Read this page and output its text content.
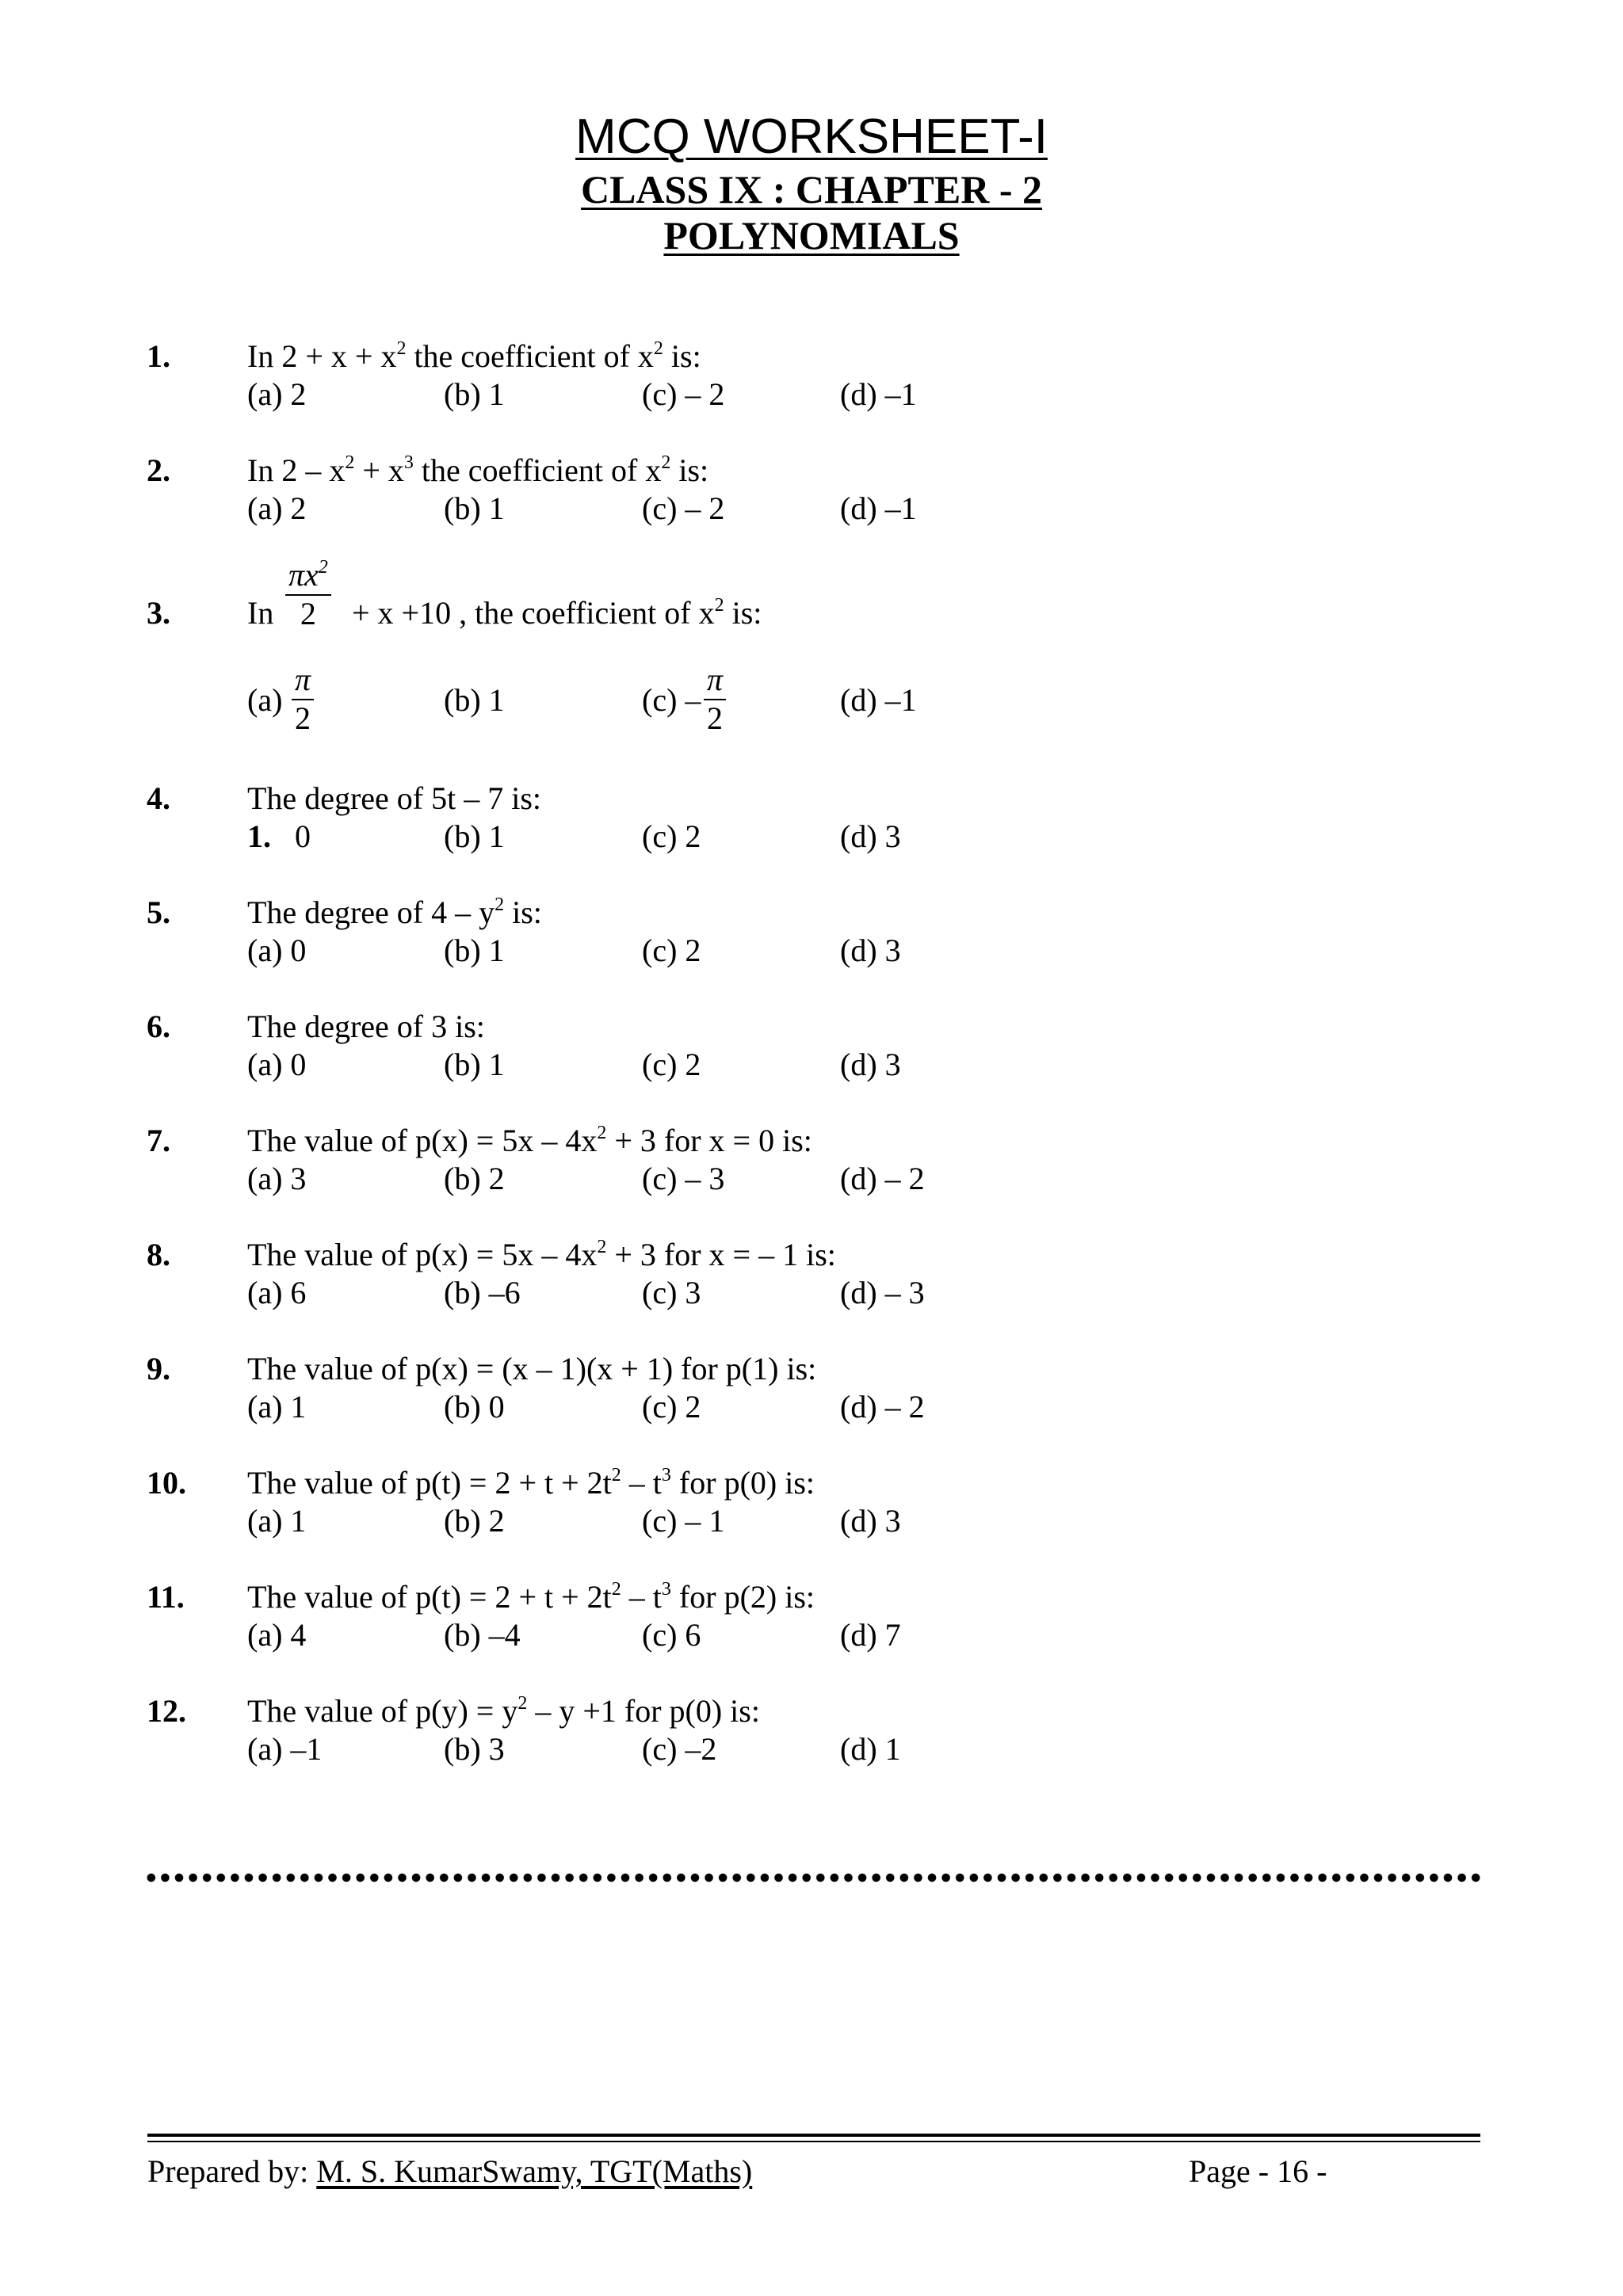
MCQ WORKSHEET-I
CLASS IX : CHAPTER - 2
POLYNOMIALS
1. In $2 + x + x^2$ the coefficient of $x^2$ is:
(a) 2	(b) 1	(c) – 2	(d) –1
2. In $2 - x^2 + x^3$ the coefficient of $x^2$ is:
(a) 2	(b) 1	(c) – 2	(d) –1
3. In $\frac{\pi x^2}{2} + x +10$ , the coefficient of $x^2$ is:
$(a) \frac{\pi}{2}$	(b) 1	$(c) - \frac{\pi}{2}$	(d) –1
4. The degree of 5t – 7 is:
1.   0	(b) 1	(c) 2	(d) 3
5. The degree of $4 - y^2$ is:
(a) 0	(b) 1	(c) 2	(d) 3
6. The degree of 3 is:
(a) 0	(b) 1	(c) 2	(d) 3
7. The value of $p(x) = 5x - 4x^2 + 3$ for x = 0 is:
(a) 3	(b) 2	(c) – 3	(d) – 2
8. The value of $p(x) = 5x - 4x^2 + 3$ for x = – 1 is:
(a) 6	(b) –6	(c) 3	(d) – 3
9. The value of p(x) = (x – 1)(x + 1) for p(1) is:
(a) 1	(b) 0	(c) 2	(d) – 2
10. The value of $p(t) = 2 + t + 2t^2 - t^3$ for p(0) is:
(a) 1	(b) 2	(c) – 1	(d) 3
11. The value of $p(t) = 2 + t + 2t^2 - t^3$ for p(2) is:
(a) 4	(b) –4	(c) 6	(d) 7
12. The value of $p(y) = y^2 - y +1$ for p(0) is:
(a) –1	(b) 3	(c) –2	(d) 1
Prepared by: M. S. KumarSwamy, TGT(Maths)	Page - 16 -
